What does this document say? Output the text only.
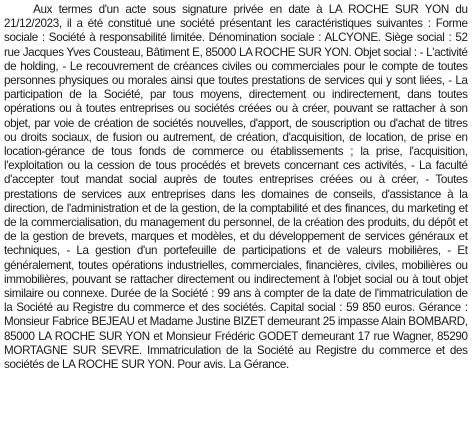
Aux termes d'un acte sous signature privée en date à LA ROCHE SUR YON du 21/12/2023, il a été constitué une société présentant les caractéristiques suivantes : Forme sociale : Société à responsabilité limitée. Dénomination sociale : ALCYONE. Siège social : 52 rue Jacques Yves Cousteau, Bâtiment E, 85000 LA ROCHE SUR YON. Objet social : - L'activité de holding, - Le recouvrement de créances civiles ou commerciales pour le compte de toutes personnes physiques ou morales ainsi que toutes prestations de services qui y sont liées, - La participation de la Société, par tous moyens, directement ou indirectement, dans toutes opérations ou à toutes entreprises ou sociétés créées ou à créer, pouvant se rattacher à son objet, par voie de création de sociétés nouvelles, d'apport, de souscription ou d'achat de titres ou droits sociaux, de fusion ou autrement, de création, d'acquisition, de location, de prise en location-gérance de tous fonds de commerce ou établissements ; la prise, l'acquisition, l'exploitation ou la cession de tous procédés et brevets concernant ces activités, - La faculté d'accepter tout mandat social auprès de toutes entreprises créées ou à créer, - Toutes prestations de services aux entreprises dans les domaines de conseils, d'assistance à la direction, de l'administration et de la gestion, de la comptabilité et des finances, du marketing et de la commercialisation, du management du personnel, de la création des produits, du dépôt et de la gestion de brevets, marques et modèles, et du développement de services généraux et techniques, - La gestion d'un portefeuille de participations et de valeurs mobilières, - Et généralement, toutes opérations industrielles, commerciales, financières, civiles, mobilières ou immobilières, pouvant se rattacher directement ou indirectement à l'objet social ou à tout objet similaire ou connexe. Durée de la Société : 99 ans à compter de la date de l'immatriculation de la Société au Registre du commerce et des sociétés. Capital social : 59 850 euros. Gérance : Monsieur Fabrice BEJEAU et Madame Justine BIZET demeurant 25 impasse Alain BOMBARD, 85000 LA ROCHE SUR YON et Monsieur Frédéric GODET demeurant 17 rue Wagner, 85290 MORTAGNE SUR SEVRE. Immatriculation de la Société au Registre du commerce et des sociétés de LA ROCHE SUR YON. Pour avis. La Gérance.
